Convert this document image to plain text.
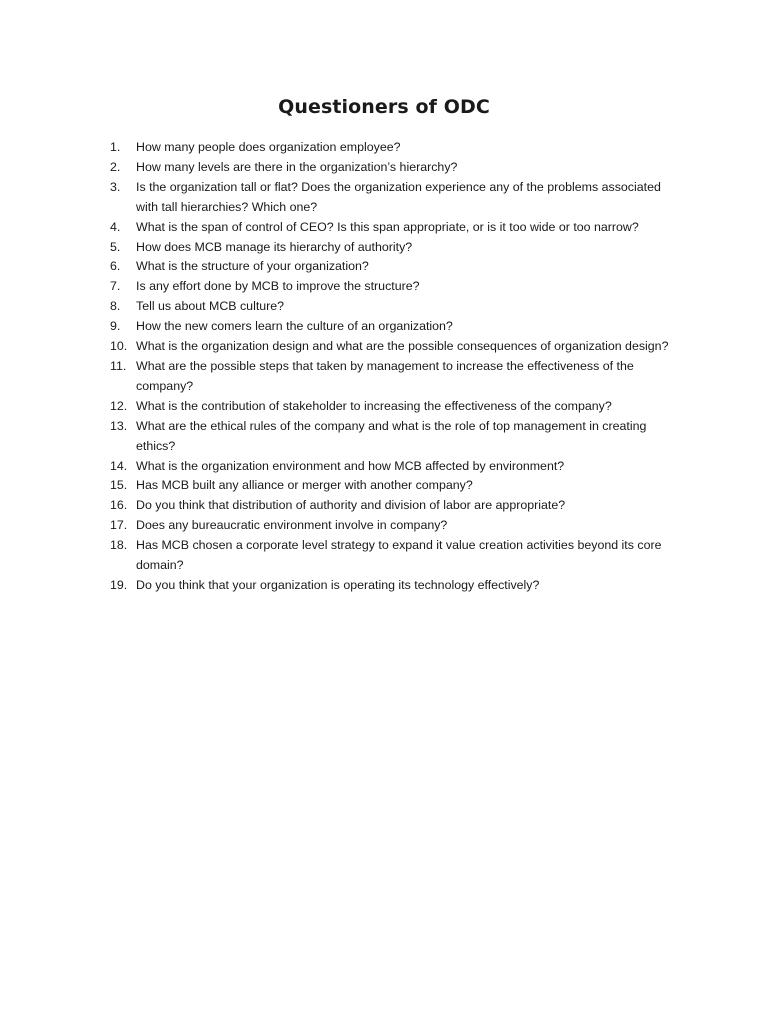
Questioners of ODC
1.	How many people does organization employee?
2.	How many levels are there in the organization’s hierarchy?
3.	Is the organization tall or flat? Does the organization experience any of the problems associated with tall hierarchies? Which one?
4.	What is the span of control of CEO? Is this span appropriate, or is it too wide or too narrow?
5.	How does MCB manage its hierarchy of authority?
6.	What is the structure of your organization?
7.	Is any effort done by MCB to improve the structure?
8.	Tell us about MCB culture?
9.	How the new comers learn the culture of an organization?
10. What is the organization design and what are the possible consequences of organization design?
11. What are the possible steps that taken by management to increase the effectiveness of the company?
12. What is the contribution of stakeholder to increasing the effectiveness of the company?
13. What are the ethical rules of the company and what is the role of top management in creating ethics?
14. What is the organization environment and how MCB affected by environment?
15. Has MCB built any alliance or merger with another company?
16. Do you think that distribution of authority and division of labor are appropriate?
17. Does any bureaucratic environment involve in company?
18. Has MCB chosen a corporate level strategy to expand it value creation activities beyond its core domain?
19. Do you think that your organization is operating its technology effectively?
